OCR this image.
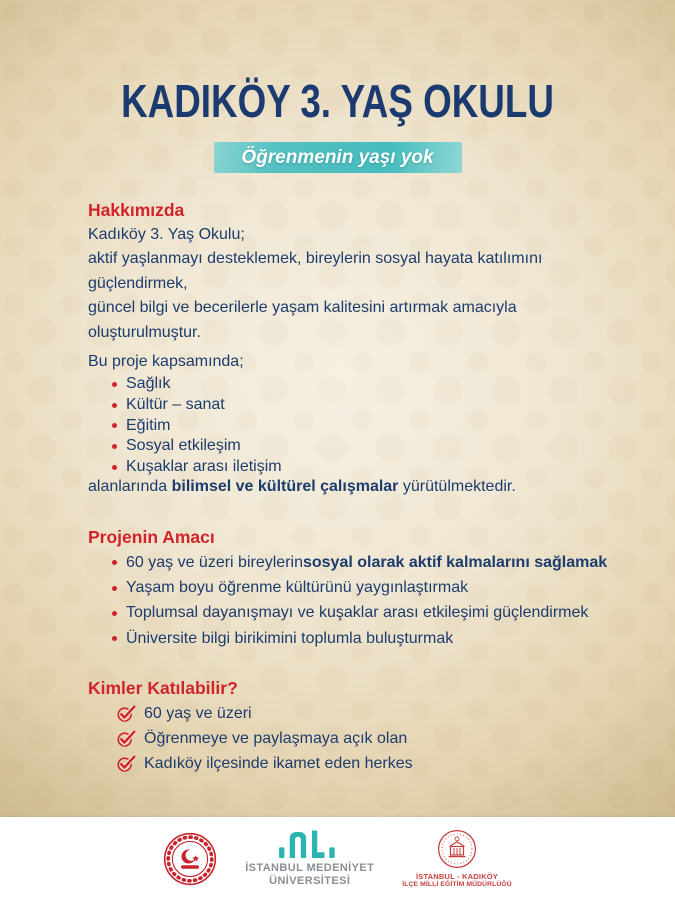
KADIKÖY 3. YAŞ OKULU
Öğrenmenin yaşı yok
Hakkımızda
Kadıköy 3. Yaş Okulu;
aktif yaşlanmayı desteklemek, bireylerin sosyal hayata katılımını
güçlendirmek,
güncel bilgi ve becerilerle yaşam kalitesini artırmak amacıyla
oluşturulmuştur.
Bu proje kapsamında;
Sağlık
Kültür – sanat
Eğitim
Sosyal etkileşim
Kuşaklar arası iletişim
alanlarında bilimsel ve kültürel çalışmalar yürütülmektedir.
Projenin Amacı
60 yaş ve üzeri bireylerin sosyal olarak aktif kalmalarını sağlamak
Yaşam boyu öğrenme kültürünü yaygınlaştırmak
Toplumsal dayanışmayı ve kuşaklar arası etkileşimi güçlendirmek
Üniversite bilgi birikimini toplumla buluşturmak
Kimler Katılabilir?
60 yaş ve üzeri
Öğrenmeye ve paylaşmaya açık olan
Kadıköy ilçesinde ikamet eden herkes
İSTANBUL MEDENİYET
ÜNİVERSİTESİ	İSTANBUL - KADIKÖY
İLÇE MİLLİ EĞİTİM MÜDÜRLÜĞÜ
